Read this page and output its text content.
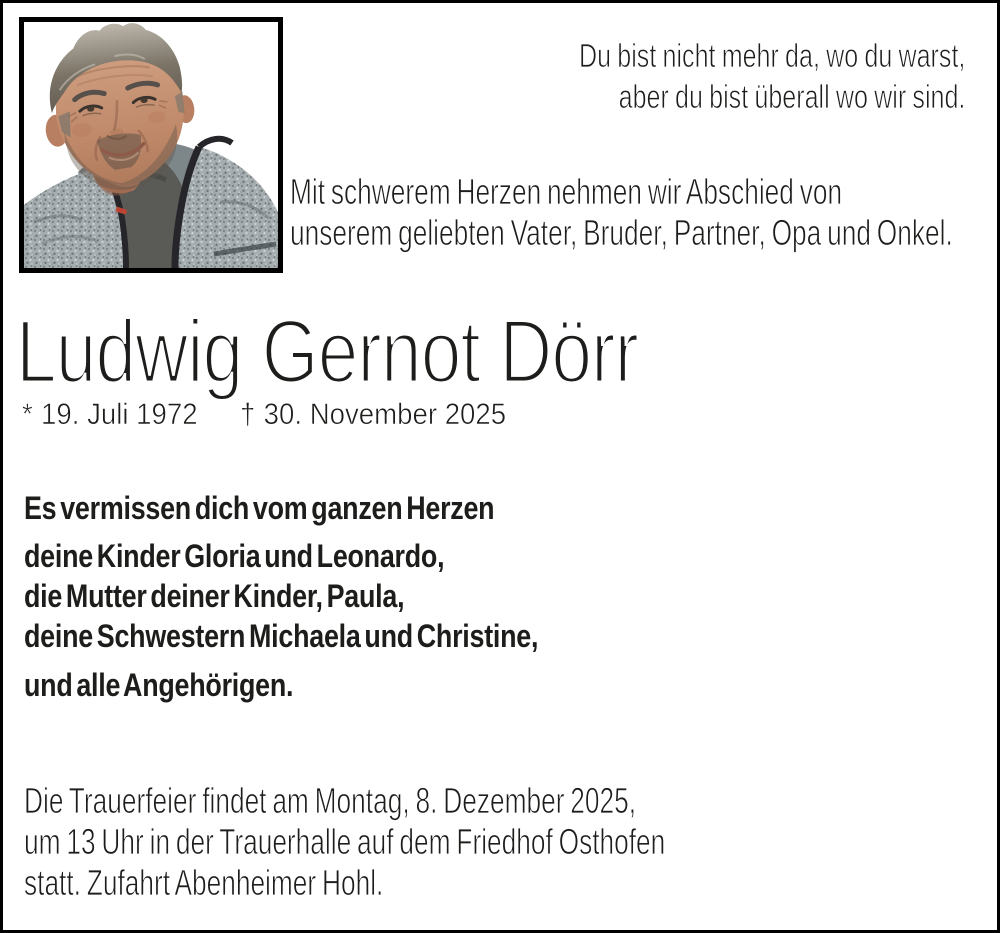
Du bist nicht mehr da, wo du warst,
aber du bist überall wo wir sind.
Mit schwerem Herzen nehmen wir Abschied von
unserem geliebten Vater, Bruder, Partner, Opa und Onkel.
Ludwig Gernot Dörr
* 19. Juli 1972 † 30. November 2025
Es vermissen dich vom ganzen Herzen
deine Kinder Gloria und Leonardo,
die Mutter deiner Kinder, Paula,
deine Schwestern Michaela und Christine,
und alle Angehörigen.
Die Trauerfeier findet am Montag, 8. Dezember 2025,
um 13 Uhr in der Trauerhalle auf dem Friedhof Osthofen
statt. Zufahrt Abenheimer Hohl.
